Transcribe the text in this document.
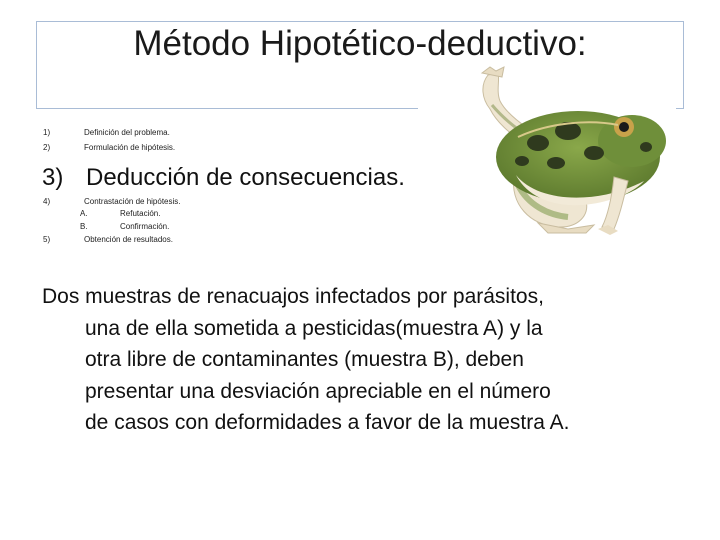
Método Hipotético-deductivo:
1)	Definición del problema.
2)	Formulación de hipótesis.
3) Deducción de consecuencias.
4)	Contrastación de hipótesis.
A.	Refutación.
B.	Confirmación.
5)	Obtención de resultados.
Dos muestras de renacuajos infectados por parásitos,
una de ella sometida a pesticidas(muestra A) y la
otra libre de contaminantes (muestra B), deben
presentar una desviación apreciable en el número
de casos con deformidades a favor de la muestra A.
